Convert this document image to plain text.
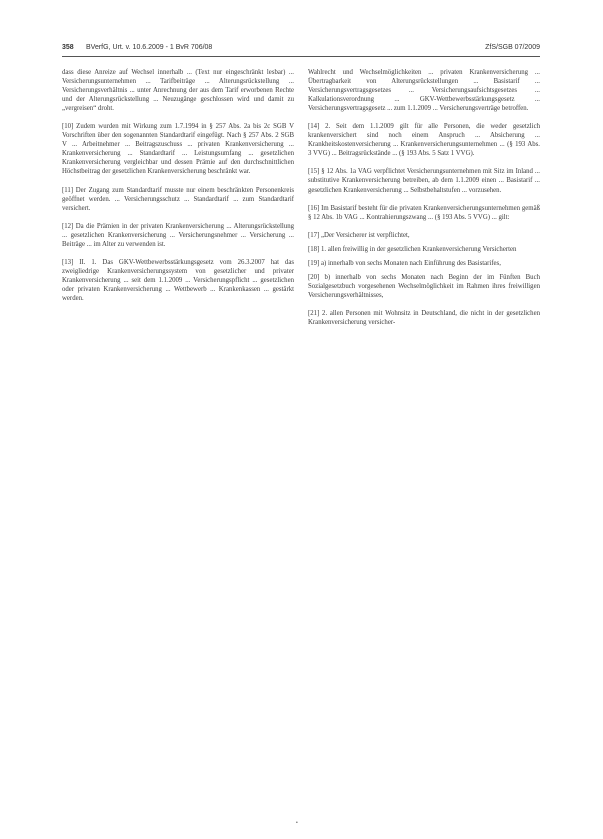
358 BVerfG, Urt. v. 10.6.2009 - 1 BvR 706/08	ZfS/SGB 07/2009

dass diese Anreize auf Wechsel innerhalb ... (Text nur eingeschränkt lesbar) ... Versicherungsunternehmen ... Tarifbeiträge ... Alterungsrückstellung ... Versicherungsverhältnis ... unter Anrechnung der aus dem Tarif erworbenen Rechte und der Alterungsrückstellung ... Neuzugänge geschlossen wird und damit zu „vergreisen“ droht.

[10] Zudem wurden mit Wirkung zum 1.7.1994 in § 257 Abs. 2a bis 2c SGB V Vorschriften über den sogenannten Standardtarif eingefügt. Nach § 257 Abs. 2 SGB V ... Arbeitnehmer ... Beitragszuschuss ... privaten Krankenversicherung ... Krankenversicherung ... Standardtarif ... Leistungsumfang ... gesetzlichen Krankenversicherung vergleichbar und dessen Prämie auf den durchschnittlichen Höchstbeitrag der gesetzlichen Krankenversicherung beschränkt war.

[11] Der Zugang zum Standardtarif musste nur einem beschränkten Personenkreis geöffnet werden. ... Versicherungsschutz ... Standardtarif ... zum Standardtarif versichert.

[12] Da die Prämien in der privaten Krankenversicherung ... Alterungsrückstellung ... gesetzlichen Krankenversicherung ... Versicherungsnehmer ... Versicherung ... Beiträge ... im Alter zu verwenden ist.

[13] II. 1. Das GKV-Wettbewerbsstärkungsgesetz vom 26.3.2007 hat das zweigliedrige Krankenversicherungssystem von gesetzlicher und privater Krankenversicherung ... seit dem 1.1.2009 ... Versicherungspflicht ... gesetzlichen oder privaten Krankenversicherung ... Wettbewerb ... Krankenkassen ... gestärkt werden.

Wahlrecht und Wechselmöglichkeiten ... privaten Krankenversicherung ... Übertragbarkeit von Alterungsrückstellungen ... Basistarif ... Versicherungsvertragsgesetzes ... Versicherungsaufsichtsgesetzes ... Kalkulationsverordnung ... GKV-Wettbewerbsstärkungsgesetz ... Versicherungsvertragsgesetz ... zum 1.1.2009 ... Versicherungsverträge betroffen.

[14] 2. Seit dem 1.1.2009 gilt für alle Personen, die weder gesetzlich krankenversichert sind noch einem Anspruch ... Absicherung ... Krankheitskostenversicherung ... Krankenversicherungsunternehmen ... (§ 193 Abs. 3 VVG) ... Beitragsrückstände ... (§ 193 Abs. 5 Satz 1 VVG).

[15] § 12 Abs. 1a VAG verpflichtet Versicherungsunternehmen mit Sitz im Inland ... substitutive Krankenversicherung betreiben, ab dem 1.1.2009 einen ... Basistarif ... gesetzlichen Krankenversicherung ... Selbstbehaltstufen ... vorzusehen.

[16] Im Basistarif besteht für die privaten Krankenversicherungsunternehmen gemäß § 12 Abs. 1b VAG ... Kontrahierungszwang ... (§ 193 Abs. 5 VVG) ... gilt:

[17] „Der Versicherer ist verpflichtet,

[18] 1. allen freiwillig in der gesetzlichen Krankenversicherung Versicherten

[19] a) innerhalb von sechs Monaten nach Einführung des Basistarifes,

[20] b) innerhalb von sechs Monaten nach Beginn der im Fünften Buch Sozialgesetzbuch vorgesehenen Wechselmöglichkeit im Rahmen ihres freiwilligen Versicherungsverhältnisses,

[21] 2. allen Personen mit Wohnsitz in Deutschland, die nicht in der gesetzlichen Krankenversicherung versicher-

•
